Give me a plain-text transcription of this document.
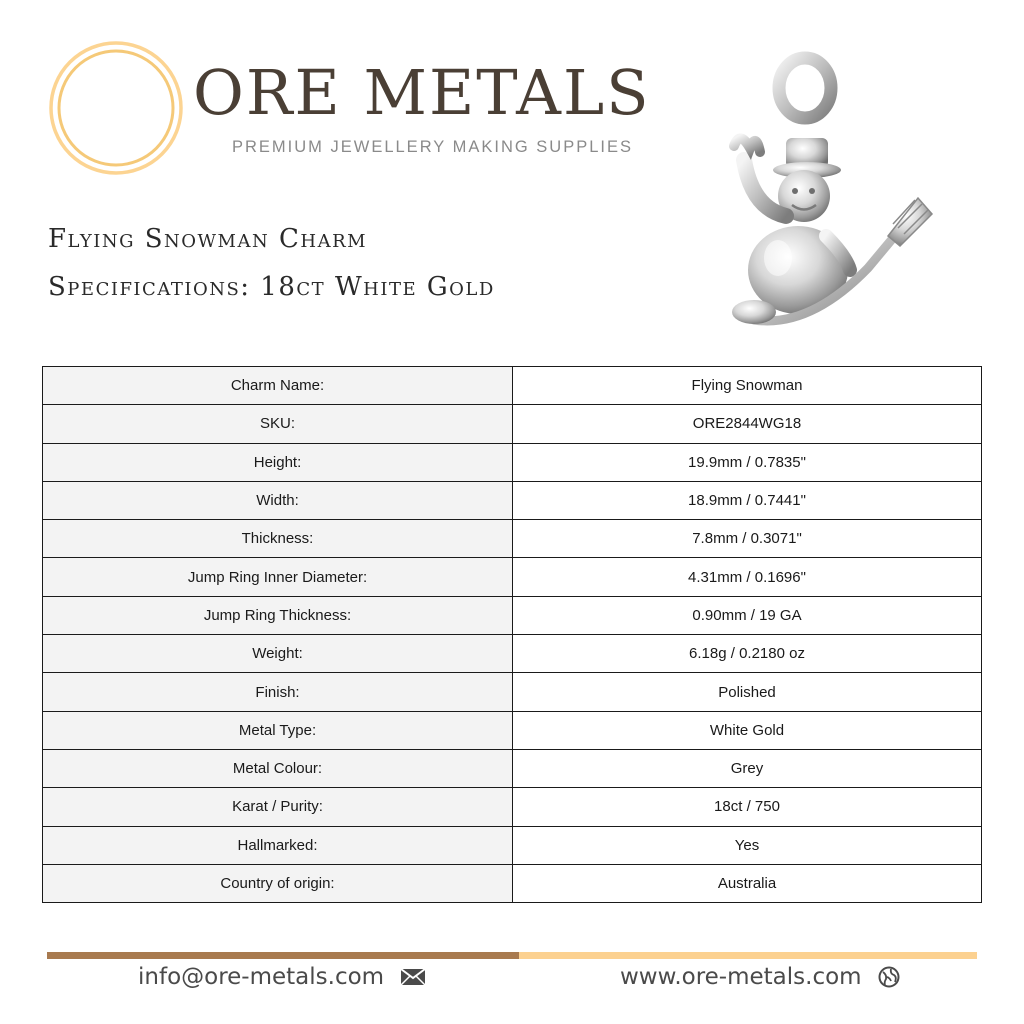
ORE METALS

PREMIUM JEWELLERY MAKING SUPPLIES

Flying Snowman Charm
Specifications: 18ct White Gold
Charm Name:	Flying Snowman
SKU:	ORE2844WG18
Height:	19.9mm / 0.7835"
Width:	18.9mm / 0.7441"
Thickness:	7.8mm / 0.3071"
Jump Ring Inner Diameter:	4.31mm / 0.1696"
Jump Ring Thickness:	0.90mm / 19 GA
Weight:	6.18g / 0.2180 oz
Finish:	Polished
Metal Type:	White Gold
Metal Colour:	Grey
Karat / Purity:	18ct / 750
Hallmarked:	Yes
Country of origin:	Australia
info@ore-metals.com	www.ore-metals.com
